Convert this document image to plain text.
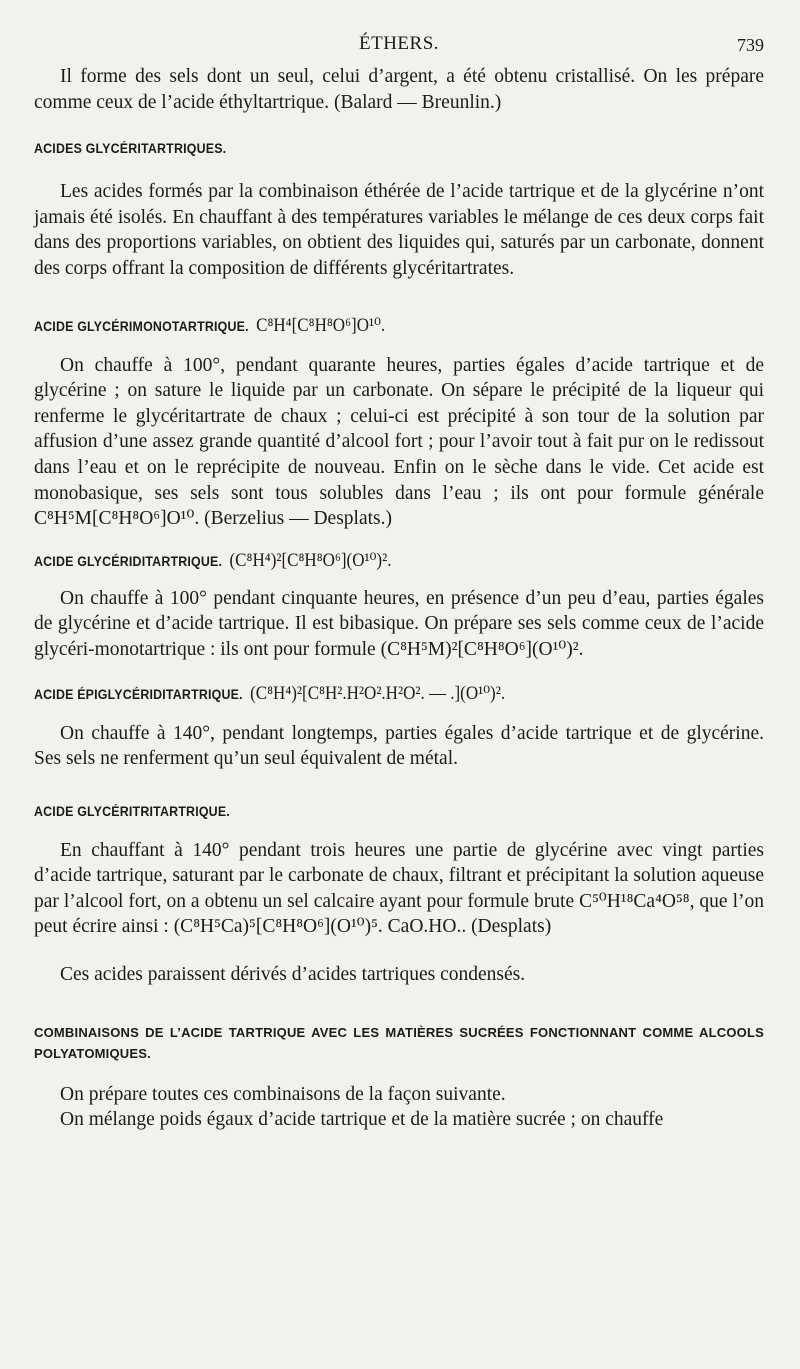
ÉTHERS.	739

Il forme des sels dont un seul, celui d’argent, a été obtenu cristallisé. On les prépare comme ceux de l’acide éthyltartrique. (Balard — Breunlin.)

ACIDES GLYCÉRITARTRIQUES.

Les acides formés par la combinaison éthérée de l’acide tartrique et de la glycérine n’ont jamais été isolés. En chauffant à des températures variables le mélange de ces deux corps fait dans des proportions variables, on obtient des liquides qui, saturés par un carbonate, donnent des corps offrant la composition de différents glycéritartrates.

ACIDE GLYCÉRIMONOTARTRIQUE. C⁸H⁴[C⁸H⁸O⁶]O¹⁰.

On chauffe à 100°, pendant quarante heures, parties égales d’acide tartrique et de glycérine ; on sature le liquide par un carbonate. On sépare le précipité de la liqueur qui renferme le glycéritartrate de chaux ; celui-ci est précipité à son tour de la solution par affusion d’une assez grande quantité d’alcool fort ; pour l’avoir tout à fait pur on le redissout dans l’eau et on le reprécipite de nouveau. Enfin on le sèche dans le vide. Cet acide est monobasique, ses sels sont tous solubles dans l’eau ; ils ont pour formule générale C⁸H⁵M[C⁸H⁸O⁶]O¹⁰. (Berzelius — Desplats.)

ACIDE GLYCÉRIDITARTRIQUE. (C⁸H⁴)²[C⁸H⁸O⁶](O¹⁰)².

On chauffe à 100° pendant cinquante heures, en présence d’un peu d’eau, parties égales de glycérine et d’acide tartrique. Il est bibasique. On prépare ses sels comme ceux de l’acide glycéri-monotartrique : ils ont pour formule (C⁸H⁵M)²[C⁸H⁸O⁶](O¹⁰)².

ACIDE ÉPIGLYCÉRIDITARTRIQUE. (C⁸H⁴)²[C⁸H².H²O².H²O². — .](O¹⁰)².

On chauffe à 140°, pendant longtemps, parties égales d’acide tartrique et de glycérine. Ses sels ne renferment qu’un seul équivalent de métal.

ACIDE GLYCÉRITRITARTRIQUE.

En chauffant à 140° pendant trois heures une partie de glycérine avec vingt parties d’acide tartrique, saturant par le carbonate de chaux, filtrant et précipitant la solution aqueuse par l’alcool fort, on a obtenu un sel calcaire ayant pour formule brute C⁵⁰H¹⁸Ca⁴O⁵⁸, que l’on peut écrire ainsi : (C⁸H⁵Ca)⁵[C⁸H⁸O⁶](O¹⁰)⁵. CaO.HO.. (Desplats)

Ces acides paraissent dérivés d’acides tartriques condensés.

COMBINAISONS DE L’ACIDE TARTRIQUE AVEC LES MATIÈRES SUCRÉES FONCTIONNANT COMME ALCOOLS POLYATOMIQUES.

On prépare toutes ces combinaisons de la façon suivante.

On mélange poids égaux d’acide tartrique et de la matière sucrée ; on chauffe
